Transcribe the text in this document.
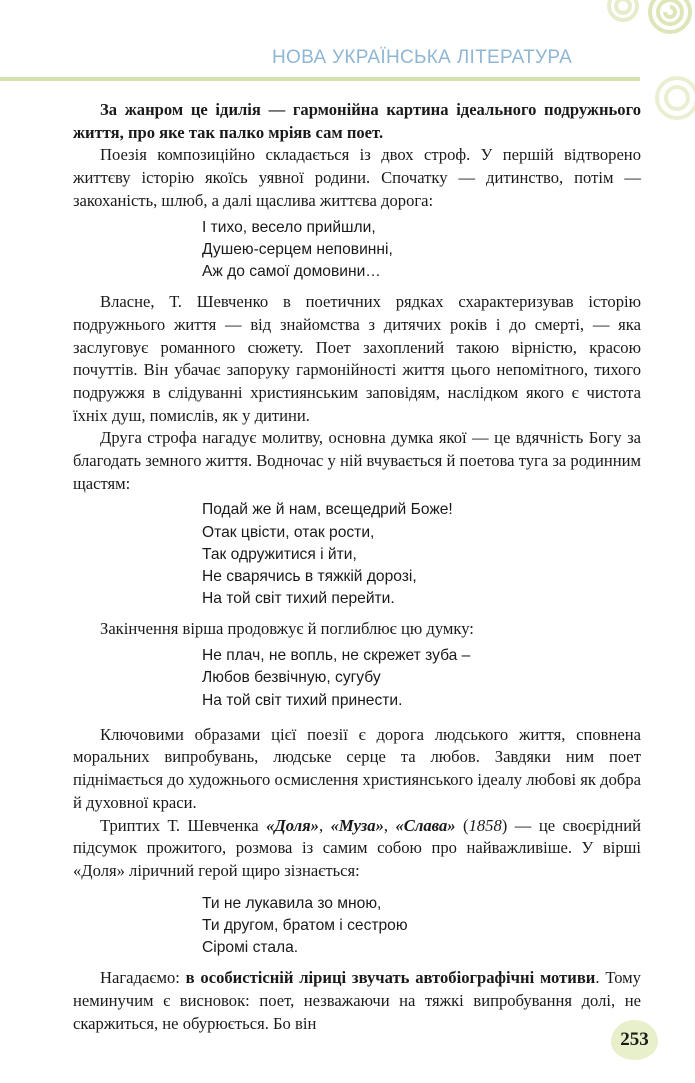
НОВА УКРАЇНСЬКА ЛІТЕРАТУРА

За жанром це ідилія — гармонійна картина ідеального подружнього життя, про яке так палко мріяв сам поет.

Поезія композиційно складається із двох строф. У першій відтворено життєву історію якоїсь уявної родини. Спочатку — дитинство, потім — закоханість, шлюб, а далі щаслива життєва дорога:

І тихо, весело прийшли,
Душею-серцем неповинні,
Аж до самої домовини…

Власне, Т. Шевченко в поетичних рядках схарактеризував історію подружнього життя — від знайомства з дитячих років і до смерті, — яка заслуговує романного сюжету. Поет захоплений такою вірністю, красою почуттів. Він убачає запоруку гармонійності життя цього непомітного, тихого подружжя в слідуванні християнським заповідям, наслідком якого є чистота їхніх душ, помислів, як у дитини.

Друга строфа нагадує молитву, основна думка якої — це вдячність Богу за благодать земного життя. Водночас у ній вчувається й поетова туга за родинним щастям:

Подай же й нам, всещедрий Боже!
Отак цвісти, отак рости,
Так одружитися і йти,
Не сварячись в тяжкій дорозі,
На той світ тихий перейти.

Закінчення вірша продовжує й поглиблює цю думку:

Не плач, не вопль, не скрежет зуба –
Любов безвічную, сугубу
На той світ тихий принести.

Ключовими образами цієї поезії є дорога людського життя, сповнена моральних випробувань, людське серце та любов. Завдяки ним поет піднімається до художнього осмислення християнського ідеалу любові як добра й духовної краси.

Триптих Т. Шевченка «Доля», «Муза», «Слава» (1858) — це своєрідний підсумок прожитого, розмова із самим собою про найважливіше. У вірші «Доля» ліричний герой щиро зізнається:

Ти не лукавила зо мною,
Ти другом, братом і сестрою
Сіромі стала.

Нагадаємо: в особистісній ліриці звучать автобіографічні мотиви. Тому неминучим є висновок: поет, незважаючи на тяжкі випробування долі, не скаржиться, не обурюється. Бо він

253
